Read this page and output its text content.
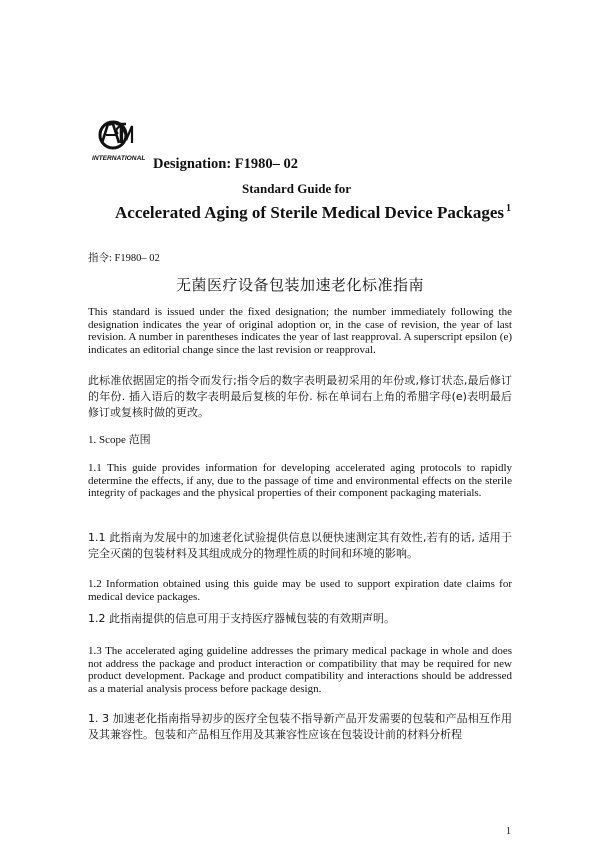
INTERNATIONAL Designation: F1980– 02
Standard Guide for
Accelerated Aging of Sterile Medical Device Packages $^1$
指令: F1980– 02
无菌医疗设备包装加速老化标准指南
This standard is issued under the fixed designation; the number immediately following the designation indicates the year of original adoption or, in the case of revision, the year of last revision. A number in parentheses indicates the year of last reapproval. A superscript epsilon (e) indicates an editorial change since the last revision or reapproval.
此标准依据固定的指令而发行;指令后的数字表明最初采用的年份或,修订状态,最后修订的年份. 插入语后的数字表明最后复核的年份. 标在单词右上角的希腊字母(e)表明最后修订或复核时做的更改。
1. Scope 范围
1.1 This guide provides information for developing accelerated aging protocols to rapidly determine the effects, if any, due to the passage of time and environmental effects on the sterile integrity of packages and the physical properties of their component packaging materials.
1.1 此指南为发展中的加速老化试验提供信息以便快速测定其有效性,若有的话, 适用于完全灭菌的包装材料及其组成成分的物理性质的时间和环境的影响。
1.2 Information obtained using this guide may be used to support expiration date claims for medical device packages.
1.2 此指南提供的信息可用于支持医疗器械包装的有效期声明。
1.3 The accelerated aging guideline addresses the primary medical package in whole and does not address the package and product interaction or compatibility that may be required for new product development. Package and product compatibility and interactions should be addressed as a material analysis process before package design.
1. 3 加速老化指南指导初步的医疗全包装不指导新产品开发需要的包装和产品相互作用及其兼容性。包装和产品相互作用及其兼容性应该在包装设计前的材料分析程
1
